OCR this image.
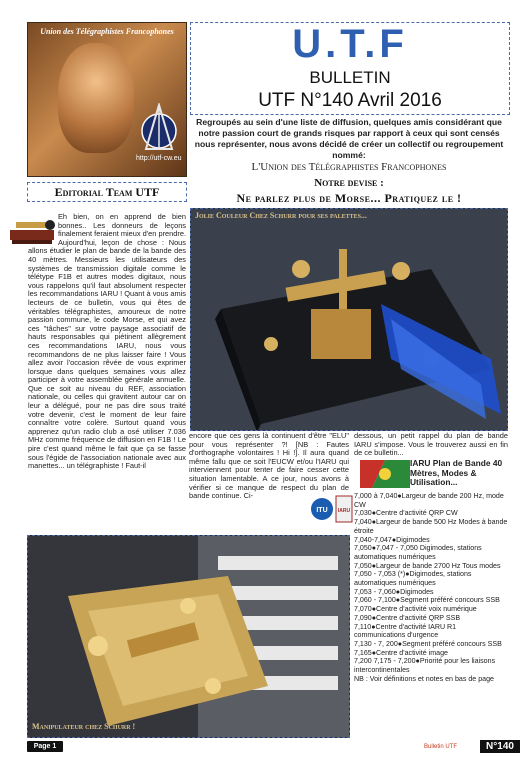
Union des Télégraphistes Francophones
http://utf-cw.eu
Editorial Team UTF
U.T.F
BULLETIN
UTF N°140 Avril 2016
Regroupés au sein d'une liste de diffusion, quelques amis considérant que notre passion court de grands risques par rapport à ceux qui sont censés nous représenter, nous avons décidé de créer un collectif ou regroupement nommé:
L'Union des Télégraphistes Francophones
Notre devise :
Ne parlez plus de Morse... Pratiquez le !
Eh bien, on en apprend de bien bonnes.. Les donneurs de leçons finalement feraient mieux d'en prendre. Aujourd'hui, leçon de chose : Nous allons étudier le plan de bande de la bande des 40 mètres. Messieurs les utilisateurs des systèmes de transmission digitale comme le télétype F1B et autres modes digitaux, nous vous rappelons qu'il faut absolument respecter les recommandations IARU ! Quant à vous amis lecteurs de ce bulletin, vous qui êtes de véritables télégraphistes, amoureux de notre passion commune, le code Morse, et qui avez ces "tâches" sur votre paysage associatif de hauts responsables qui piétinent allègrement ces recommandations IARU, nous vous recommandons de ne plus laisser faire ! Vous allez avoir l'occasion rêvée de vous exprimer lorsque dans quelques semaines vous allez participer à votre assemblée générale annuelle. Que ce soit au niveau du REF, association nationale, ou celles qui gravitent autour car on leur a délégué, pour ne pas dire sous traité votre devenir, c'est le moment de leur faire connaître votre colère. Surtout quand vous apprenez qu'un radio club a osé utiliser 7.036 MHz comme fréquence de diffusion en F1B ! Le pire c'est quand même le fait que ça se fasse sous l'égide de l'association nationale avec aux manettes... un télégraphiste ! Faut-il
Jolie Couleur Chez Schurr pour ses palettes...
encore que ces gens là continuent d'être "ELU" pour vous représenter ?! [NB : Fautes d'orthographe volontaires ! Hi !]. Il aura quand même fallu que ce soit l'EUCW et/ou l'IARU qui interviennent pour tenter de faire cesser cette situation lamentable. A ce jour, nous avons à vérifier si ce manque de respect du plan de bande continue. Ci-
dessous, un petit rappel du plan de bande IARU s'impose. Vous le trouverez aussi en fin de ce bulletin...
IARU Plan de Bande 40 Mètres, Modes & Utilisation...
7,000 à 7,040●Largeur de bande 200 Hz, mode CW
7,030●Centre d'activité QRP CW
7,040●Largeur de bande 500 Hz Modes à bande étroite
7,040-7,047●Digimodes
7,050●7,047 - 7,050 Digimodes, stations automatiques numériques
7,050●Largeur de bande 2700 Hz Tous modes
7,050 - 7,053 (*)●Digimodes, stations automatiques numériques
7,053 - 7,060●Digimodes
7,060 - 7,100●Segment préféré concours SSB
7,070●Centre d'activité voix numérique
7,090●Centre d'activité QRP SSB
7,110●Centre d'activité IARU R1 communications d'urgence
7,130 - 7, 200●Segment préféré concours SSB
7,165●Centre d'activité image
7,200 7,175 - 7,200●Priorité pour les liaisons intercontinentales
NB : Voir définitions et notes en bas de page
ITU IARU
Manipulateur chez Schurr !
Page 1	Bulletin UTF	N°140
